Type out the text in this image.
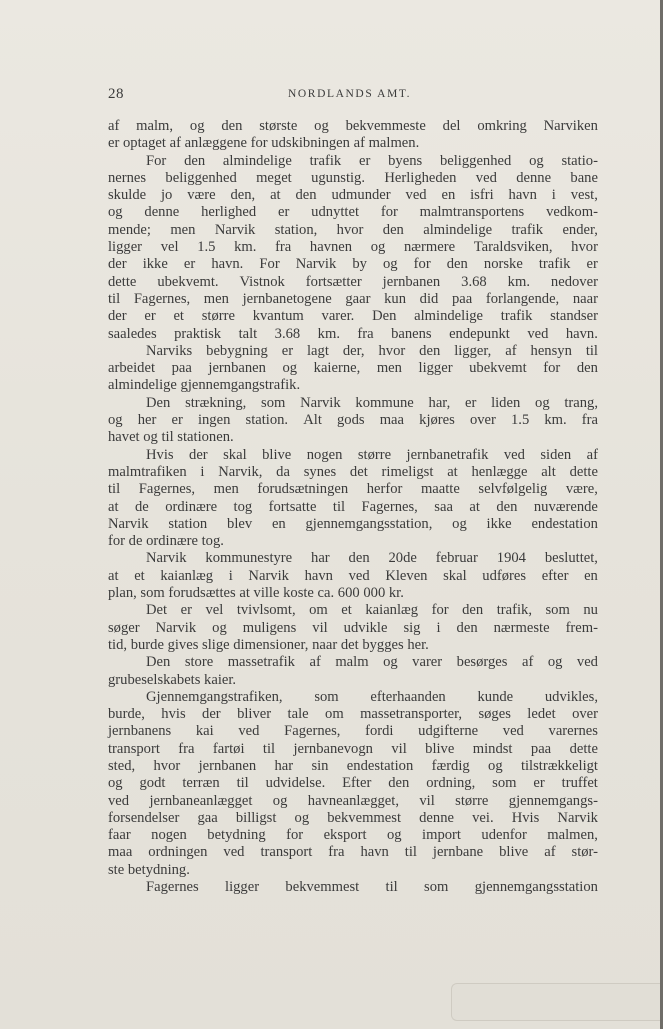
28	NORDLANDS AMT.
af malm, og den største og bekvemmeste del omkring Narviken
er optaget af anlæggene for udskibningen af malmen.
For den almindelige trafik er byens beliggenhed og statio-
nernes beliggenhed meget ugunstig. Herligheden ved denne bane
skulde jo være den, at den udmunder ved en isfri havn i vest,
og denne herlighed er udnyttet for malmtransportens vedkom-
mende; men Narvik station, hvor den almindelige trafik ender,
ligger vel 1.5 km. fra havnen og nærmere Taraldsviken, hvor
der ikke er havn. For Narvik by og for den norske trafik er
dette ubekvemt. Vistnok fortsætter jernbanen 3.68 km. nedover
til Fagernes, men jernbanetogene gaar kun did paa forlangende, naar
der er et større kvantum varer. Den almindelige trafik standser
saaledes praktisk talt 3.68 km. fra banens endepunkt ved havn.
Narviks bebygning er lagt der, hvor den ligger, af hensyn til
arbeidet paa jernbanen og kaierne, men ligger ubekvemt for den
almindelige gjennemgangstrafik.
Den strækning, som Narvik kommune har, er liden og trang,
og her er ingen station. Alt gods maa kjøres over 1.5 km. fra
havet og til stationen.
Hvis der skal blive nogen større jernbanetrafik ved siden af
malmtrafiken i Narvik, da synes det rimeligst at henlægge alt dette
til Fagernes, men forudsætningen herfor maatte selvfølgelig være,
at de ordinære tog fortsatte til Fagernes, saa at den nuværende
Narvik station blev en gjennemgangsstation, og ikke endestation
for de ordinære tog.
Narvik kommunestyre har den 20de februar 1904 besluttet,
at et kaianlæg i Narvik havn ved Kleven skal udføres efter en
plan, som forudsættes at ville koste ca. 600 000 kr.
Det er vel tvivlsomt, om et kaianlæg for den trafik, som nu
søger Narvik og muligens vil udvikle sig i den nærmeste frem-
tid, burde gives slige dimensioner, naar det bygges her.
Den store massetrafik af malm og varer besørges af og ved
grubeselskabets kaier.
Gjennemgangstrafiken, som efterhaanden kunde udvikles,
burde, hvis der bliver tale om massetransporter, søges ledet over
jernbanens kai ved Fagernes, fordi udgifterne ved varernes
transport fra fartøi til jernbanevogn vil blive mindst paa dette
sted, hvor jernbanen har sin endestation færdig og tilstrækkeligt
og godt terræn til udvidelse. Efter den ordning, som er truffet
ved jernbaneanlægget og havneanlægget, vil større gjennemgangs-
forsendelser gaa billigst og bekvemmest denne vei. Hvis Narvik
faar nogen betydning for eksport og import udenfor malmen,
maa ordningen ved transport fra havn til jernbane blive af stør-
ste betydning.
Fagernes ligger bekvemmest til som gjennemgangsstation
